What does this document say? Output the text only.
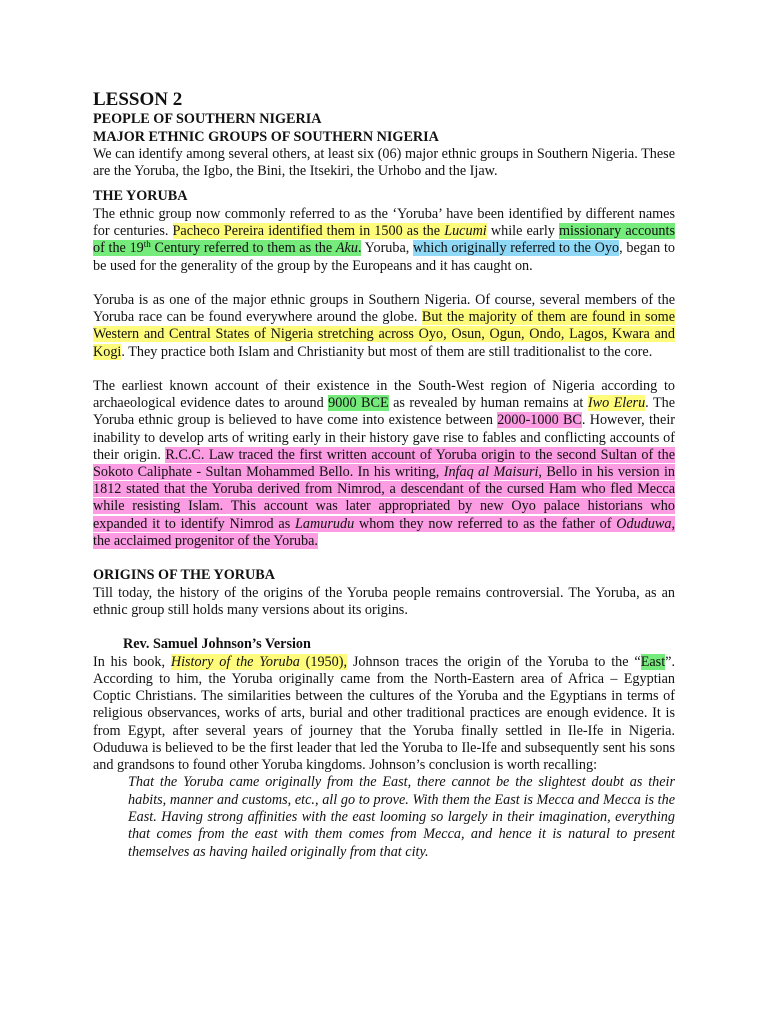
LESSON 2
PEOPLE OF SOUTHERN NIGERIA
MAJOR ETHNIC GROUPS OF SOUTHERN NIGERIA

We can identify among several others, at least six (06) major ethnic groups in Southern Nigeria. These are the Yoruba, the Igbo, the Bini, the Itsekiri, the Urhobo and the Ijaw.

THE YORUBA

The ethnic group now commonly referred to as the ‘Yoruba’ have been identified by different names for centuries. Pacheco Pereira identified them in 1500 as the Lucumi while early missionary accounts of the 19th Century referred to them as the Aku. Yoruba, which originally referred to the Oyo, began to be used for the generality of the group by the Europeans and it has caught on.

Yoruba is as one of the major ethnic groups in Southern Nigeria. Of course, several members of the Yoruba race can be found everywhere around the globe. But the majority of them are found in some Western and Central States of Nigeria stretching across Oyo, Osun, Ogun, Ondo, Lagos, Kwara and Kogi. They practice both Islam and Christianity but most of them are still traditionalist to the core.

The earliest known account of their existence in the South-West region of Nigeria according to archaeological evidence dates to around 9000 BCE as revealed by human remains at Iwo Eleru. The Yoruba ethnic group is believed to have come into existence between 2000-1000 BC. However, their inability to develop arts of writing early in their history gave rise to fables and conflicting accounts of their origin. R.C.C. Law traced the first written account of Yoruba origin to the second Sultan of the Sokoto Caliphate - Sultan Mohammed Bello. In his writing, Infaq al Maisuri, Bello in his version in 1812 stated that the Yoruba derived from Nimrod, a descendant of the cursed Ham who fled Mecca while resisting Islam. This account was later appropriated by new Oyo palace historians who expanded it to identify Nimrod as Lamurudu whom they now referred to as the father of Oduduwa, the acclaimed progenitor of the Yoruba.

ORIGINS OF THE YORUBA

Till today, the history of the origins of the Yoruba people remains controversial. The Yoruba, as an ethnic group still holds many versions about its origins.

Rev. Samuel Johnson’s Version

In his book, History of the Yoruba (1950), Johnson traces the origin of the Yoruba to the “East”. According to him, the Yoruba originally came from the North-Eastern area of Africa – Egyptian Coptic Christians. The similarities between the cultures of the Yoruba and the Egyptians in terms of religious observances, works of arts, burial and other traditional practices are enough evidence. It is from Egypt, after several years of journey that the Yoruba finally settled in Ile-Ife in Nigeria. Oduduwa is believed to be the first leader that led the Yoruba to Ile-Ife and subsequently sent his sons and grandsons to found other Yoruba kingdoms. Johnson’s conclusion is worth recalling:

That the Yoruba came originally from the East, there cannot be the slightest doubt as their habits, manner and customs, etc., all go to prove. With them the East is Mecca and Mecca is the East. Having strong affinities with the east looming so largely in their imagination, everything that comes from the east with them comes from Mecca, and hence it is natural to present themselves as having hailed originally from that city.
